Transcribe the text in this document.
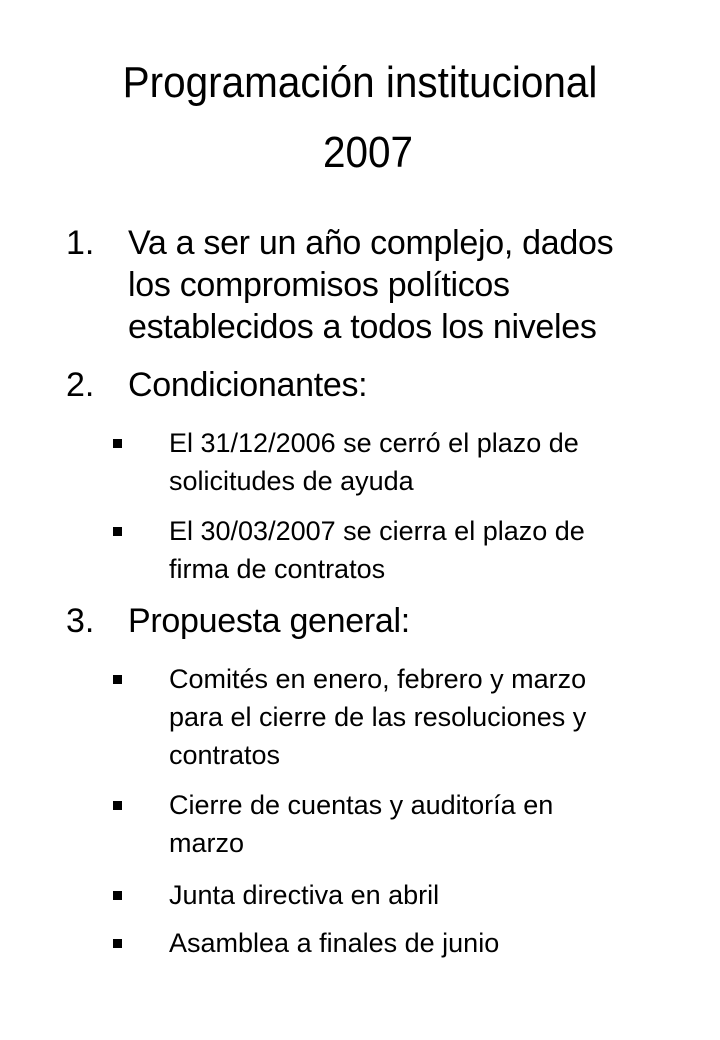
Programación institucional
2007
1. Va a ser un año complejo, dados
los compromisos políticos
establecidos a todos los niveles
2. Condicionantes:
El 31/12/2006 se cerró el plazo de
solicitudes de ayuda
El 30/03/2007 se cierra el plazo de
firma de contratos
3. Propuesta general:
Comités en enero, febrero y marzo
para el cierre de las resoluciones y
contratos
Cierre de cuentas y auditoría en
marzo
Junta directiva en abril
Asamblea a finales de junio
